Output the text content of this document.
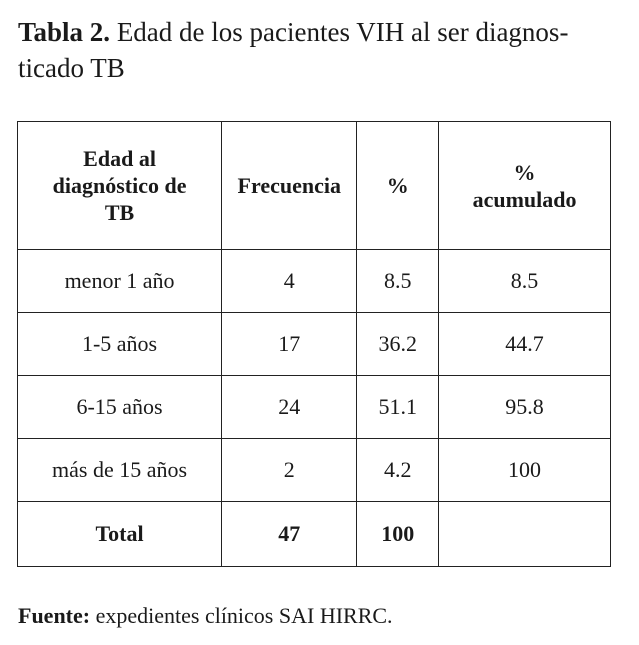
Tabla 2. Edad de los pacientes VIH al ser diagnos-
ticado TB

Edad al
diagnóstico de
TB	Frecuencia	%	%
acumulado
menor 1 año	4	8.5	8.5
1-5 años	17	36.2	44.7
6-15 años	24	51.1	95.8
más de 15 años	2	4.2	100
Total	47	100	

Fuente: expedientes clínicos SAI HIRRC.
